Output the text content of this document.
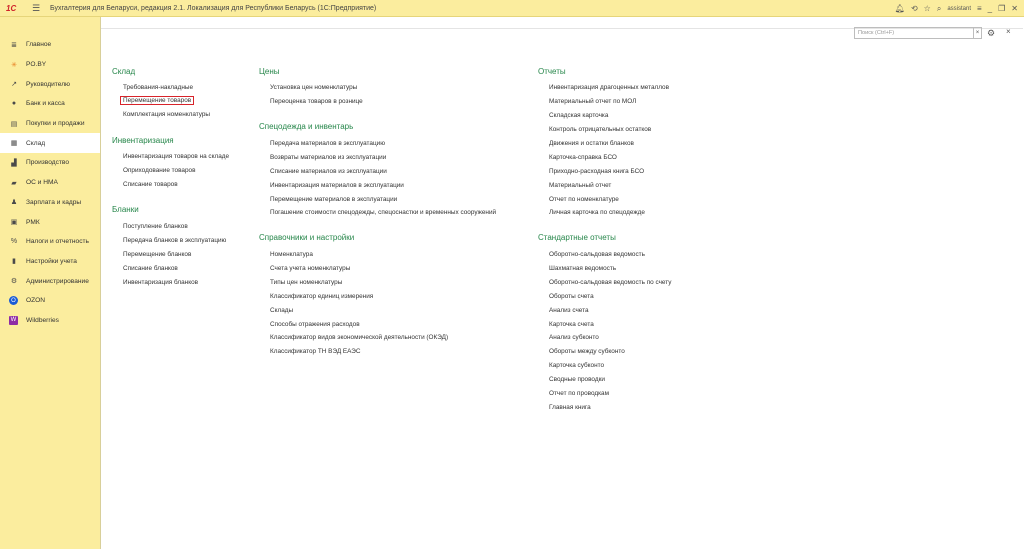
1С	☰	Бухгалтерия для Беларуси, редакция 2.1. Локализация для Республики Беларусь (1С:Предприятие)	🔔︎ ⟲ ☆ ⌕ assistant ≡ _ ❐ ✕
≣	Главное
✳	PO.BY
↗	Руководителю
●	Банк и касса
▤	Покупки и продажи
▦	Склад
▟	Производство
▰	ОС и НМА
♟	Зарплата и кадры
▣	РМК
%	Налоги и отчетность
▮	Настройки учета
⚙	Администрирование
O	OZON
W Wildberries
Поиск (Ctrl+F)	× ⚙ ×
Склад
Требования-накладные
Перемещение товаров
Комплектация номенклатуры
Инвентаризация
Инвентаризация товаров на складе
Оприходование товаров
Списание товаров
Бланки
Поступление бланков
Передача бланков в эксплуатацию
Перемещение бланков
Списание бланков
Инвентаризация бланков
Цены
Установка цен номенклатуры
Переоценка товаров в рознице
Спецодежда и инвентарь
Передача материалов в эксплуатацию
Возвраты материалов из эксплуатации
Списание материалов из эксплуатации
Инвентаризация материалов в эксплуатации
Перемещение материалов в эксплуатации
Погашение стоимости спецодежды, спецоснастки и временных сооружений
Справочники и настройки
Номенклатура
Счета учета номенклатуры
Типы цен номенклатуры
Классификатор единиц измерения
Склады
Способы отражения расходов
Классификатор видов экономической деятельности (ОКЭД)
Классификатор ТН ВЭД ЕАЭС
Отчеты
Инвентаризация драгоценных металлов
Материальный отчет по МОЛ
Складская карточка
Контроль отрицательных остатков
Движения и остатки бланков
Карточка-справка БСО
Приходно-расходная книга БСО
Материальный отчет
Отчет по номенклатуре
Личная карточка по спецодежде
Стандартные отчеты
Оборотно-сальдовая ведомость
Шахматная ведомость
Оборотно-сальдовая ведомость по счету
Обороты счета
Анализ счета
Карточка счета
Анализ субконто
Обороты между субконто
Карточка субконто
Сводные проводки
Отчет по проводкам
Главная книга
